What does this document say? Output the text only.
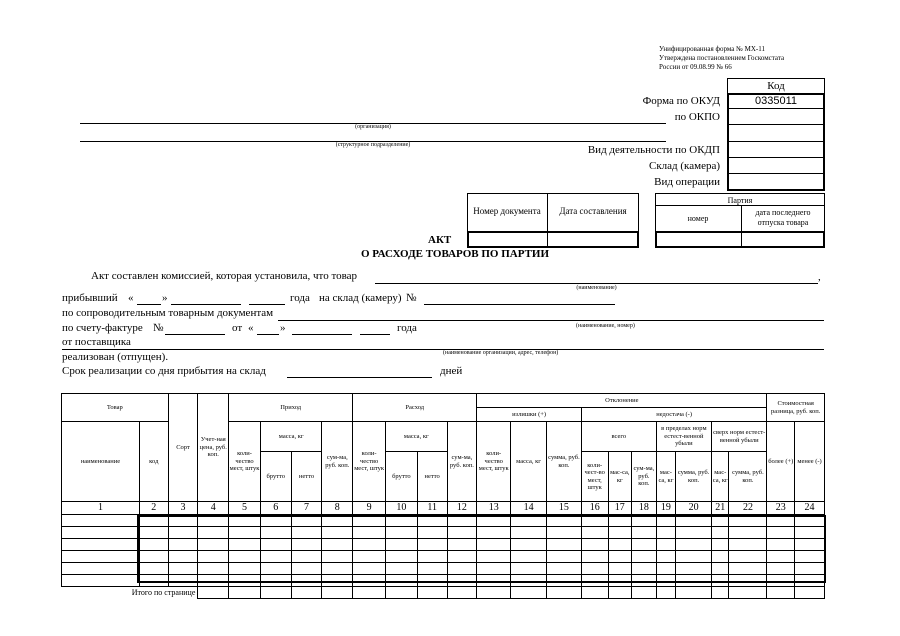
Унифицированная форма № МХ-11
Утверждена постановлением Госкомстата
России от 09.08.99 № 66
Код
0335011
Форма по ОКУД
по ОКПО
Вид деятельности по ОКДП
Склад (камера)
Вид операции
(организация)
(структурное подразделение)
Номер документа	Дата составления
Партия
номер
дата последнего отпуска товара
АКТ
О РАСХОДЕ ТОВАРОВ ПО ПАРТИИ
Акт составлен комиссией, которая установила, что товар	,
(наименование)
прибывший «	»	года на склад (камеру) №
по сопроводительным товарным документам
по счету-фактуре №	от « »	года	(наименование, номер)
от поставщика
(наименование организации, адрес, телефон)
реализован (отпущен).
Срок реализации со дня прибытия на склад	дней
Товар		Сорт	Учет-ная цена, руб. коп.	Приход				Расход				Отклонение										Стоимостная разница, руб. коп.	
												излишки (+)			недостача (-)								
наименование	код			коли-чество мест, штук	масса, кг		сум-ма, руб. коп.	коли-чество мест, штук	масса, кг		сум-ма, руб. коп.	коли-чество мест, штук	масса, кг	сумма, руб. коп.	всего			в пределах норм естест-венной убыли		сверх норм естест-венной убыли		более (+)	менее (-)
					брутто	нетто			брутто	нетто					коли-чест-во мест, штук	мас-са, кг	сум-ма, руб. коп.	мас-са, кг	сумма, руб. коп.	мас-са, кг	сумма, руб. коп.		
1	2	3	4	5	6	7	8	9	10	11	12	13	14	15	16	17	18	19	20	21	22	23	24

Итого по странице																							
